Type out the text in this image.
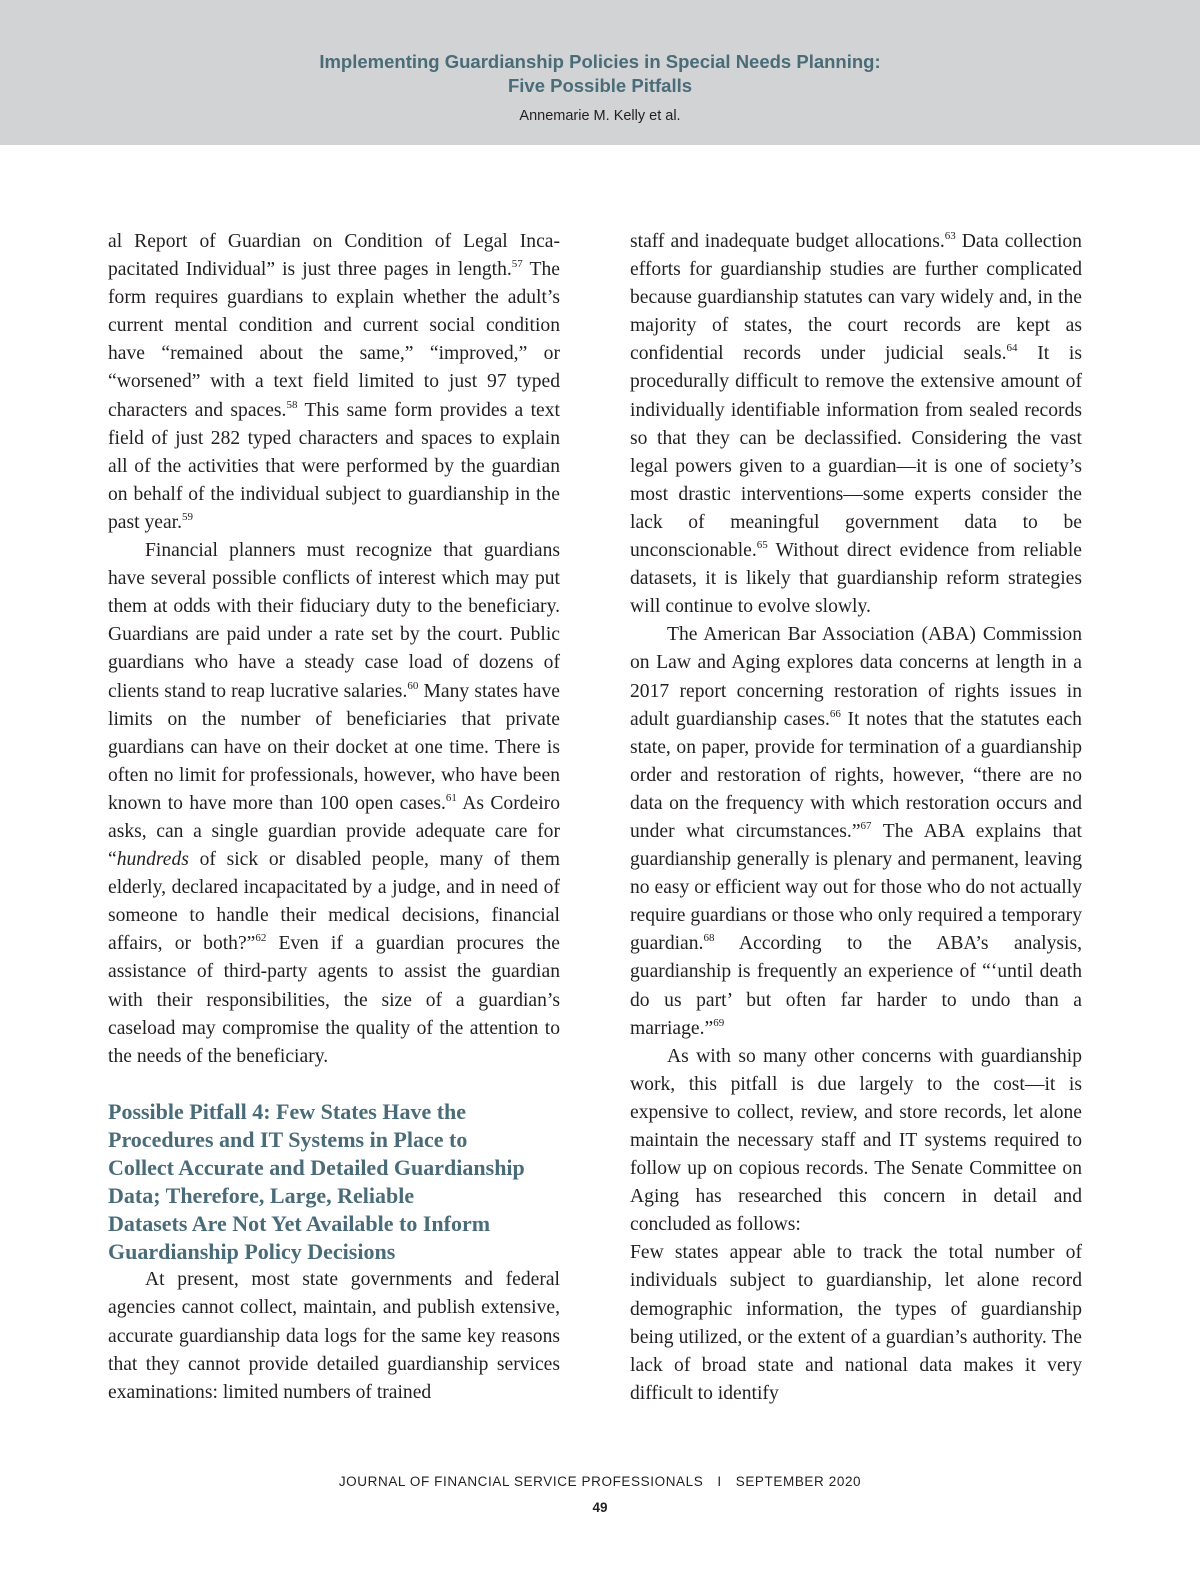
Implementing Guardianship Policies in Special Needs Planning:
Five Possible Pitfalls
Annemarie M. Kelly et al.

al Report of Guardian on Condition of Legal Incapacitated Individual” is just three pages in length.$^{57}$ The form requires guardians to explain whether the adult’s current mental condition and current social condition have “remained about the same,” “improved,” or “worsened” with a text field limited to just 97 typed characters and spaces.$^{58}$ This same form provides a text field of just 282 typed characters and spaces to explain all of the activities that were performed by the guardian on behalf of the individual subject to guardianship in the past year.$^{59}$

Financial planners must recognize that guardians have several possible conflicts of interest which may put them at odds with their fiduciary duty to the beneficiary. Guardians are paid under a rate set by the court. Public guardians who have a steady case load of dozens of clients stand to reap lucrative salaries.$^{60}$ Many states have limits on the number of beneficiaries that private guardians can have on their docket at one time. There is often no limit for professionals, however, who have been known to have more than 100 open cases.$^{61}$ As Cordeiro asks, can a single guardian provide adequate care for “hundreds of sick or disabled people, many of them elderly, declared incapacitated by a judge, and in need of someone to handle their medical decisions, financial affairs, or both?”$^{62}$ Even if a guardian procures the assistance of third-party agents to assist the guardian with their responsibilities, the size of a guardian’s caseload may compromise the quality of the attention to the needs of the beneficiary.

Possible Pitfall 4: Few States Have the
Procedures and IT Systems in Place to
Collect Accurate and Detailed Guardianship
Data; Therefore, Large, Reliable
Datasets Are Not Yet Available to Inform
Guardianship Policy Decisions

At present, most state governments and federal agencies cannot collect, maintain, and publish extensive, accurate guardianship data logs for the same key reasons that they cannot provide detailed guardianship services examinations: limited numbers of trained

staff and inadequate budget allocations.$^{63}$ Data collection efforts for guardianship studies are further complicated because guardianship statutes can vary widely and, in the majority of states, the court records are kept as confidential records under judicial seals.$^{64}$ It is procedurally difficult to remove the extensive amount of individually identifiable information from sealed records so that they can be declassified. Considering the vast legal powers given to a guardian—it is one of society’s most drastic interventions—some experts consider the lack of meaningful government data to be unconscionable.$^{65}$ Without direct evidence from reliable datasets, it is likely that guardianship reform strategies will continue to evolve slowly.

The American Bar Association (ABA) Commission on Law and Aging explores data concerns at length in a 2017 report concerning restoration of rights issues in adult guardianship cases.$^{66}$ It notes that the statutes each state, on paper, provide for termination of a guardianship order and restoration of rights, however, “there are no data on the frequency with which restoration occurs and under what circumstances.”$^{67}$ The ABA explains that guardianship generally is plenary and permanent, leaving no easy or efficient way out for those who do not actually require guardians or those who only required a temporary guardian.$^{68}$ According to the ABA’s analysis, guardianship is frequently an experience of “‘until death do us part’ but often far harder to undo than a marriage.”$^{69}$

As with so many other concerns with guardianship work, this pitfall is due largely to the cost—it is expensive to collect, review, and store records, let alone maintain the necessary staff and IT systems required to follow up on copious records. The Senate Committee on Aging has researched this concern in detail and concluded as follows:

Few states appear able to track the total number of individuals subject to guardianship, let alone record demographic information, the types of guardianship being utilized, or the extent of a guardian’s authority. The lack of broad state and national data makes it very difficult to identify

JOURNAL OF FINANCIAL SERVICE PROFESSIONALS I SEPTEMBER 2020
49
